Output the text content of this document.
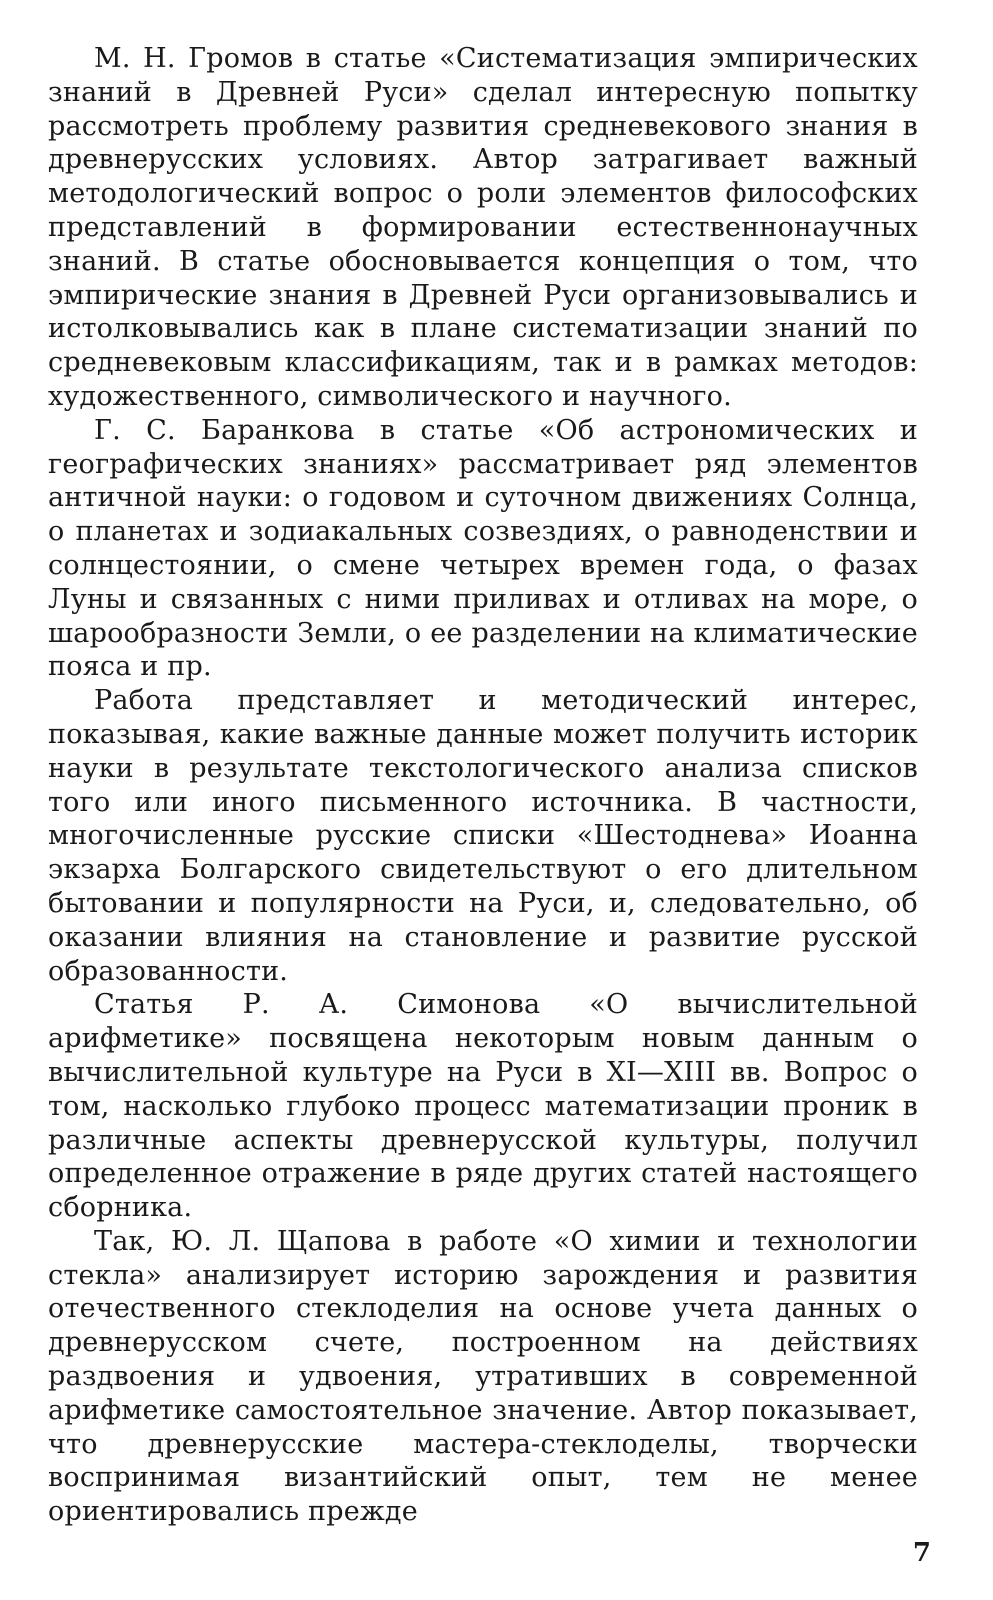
М. Н. Громов в статье «Систематизация эмпирических знаний в Древней Руси» сделал интересную попытку рассмотреть проблему развития средневекового знания в древнерусских условиях. Автор затрагивает важный методологический вопрос о роли элементов философских представлений в формировании естественнонаучных знаний. В статье обосновывается концепция о том, что эмпирические знания в Древней Руси организовывались и истолковывались как в плане систематизации знаний по средневековым классификациям, так и в рамках методов: художественного, символического и научного.

Г. С. Баранкова в статье «Об астрономических и географических знаниях» рассматривает ряд элементов античной науки: о годовом и суточном движениях Солнца, о планетах и зодиакальных созвездиях, о равноденствии и солнцестоянии, о смене четырех времен года, о фазах Луны и связанных с ними приливах и отливах на море, о шарообразности Земли, о ее разделении на климатические пояса и пр.

Работа представляет и методический интерес, показывая, какие важные данные может получить историк науки в результате текстологического анализа списков того или иного письменного источника. В частности, многочисленные русские списки «Шестоднева» Иоанна экзарха Болгарского свидетельствуют о его длительном бытовании и популярности на Руси, и, следовательно, об оказании влияния на становление и развитие русской образованности.

Статья Р. А. Симонова «О вычислительной арифметике» посвящена некоторым новым данным о вычислительной культуре на Руси в XI—XIII вв. Вопрос о том, насколько глубоко процесс математизации проник в различные аспекты древнерусской культуры, получил определенное отражение в ряде других статей настоящего сборника.

Так, Ю. Л. Щапова в работе «О химии и технологии стекла» анализирует историю зарождения и развития отечественного стеклоделия на основе учета данных о древнерусском счете, построенном на действиях раздвоения и удвоения, утративших в современной арифметике самостоятельное значение. Автор показывает, что древнерусские мастера-стеклоделы, творчески воспринимая византийский опыт, тем не менее ориентировались прежде

7
